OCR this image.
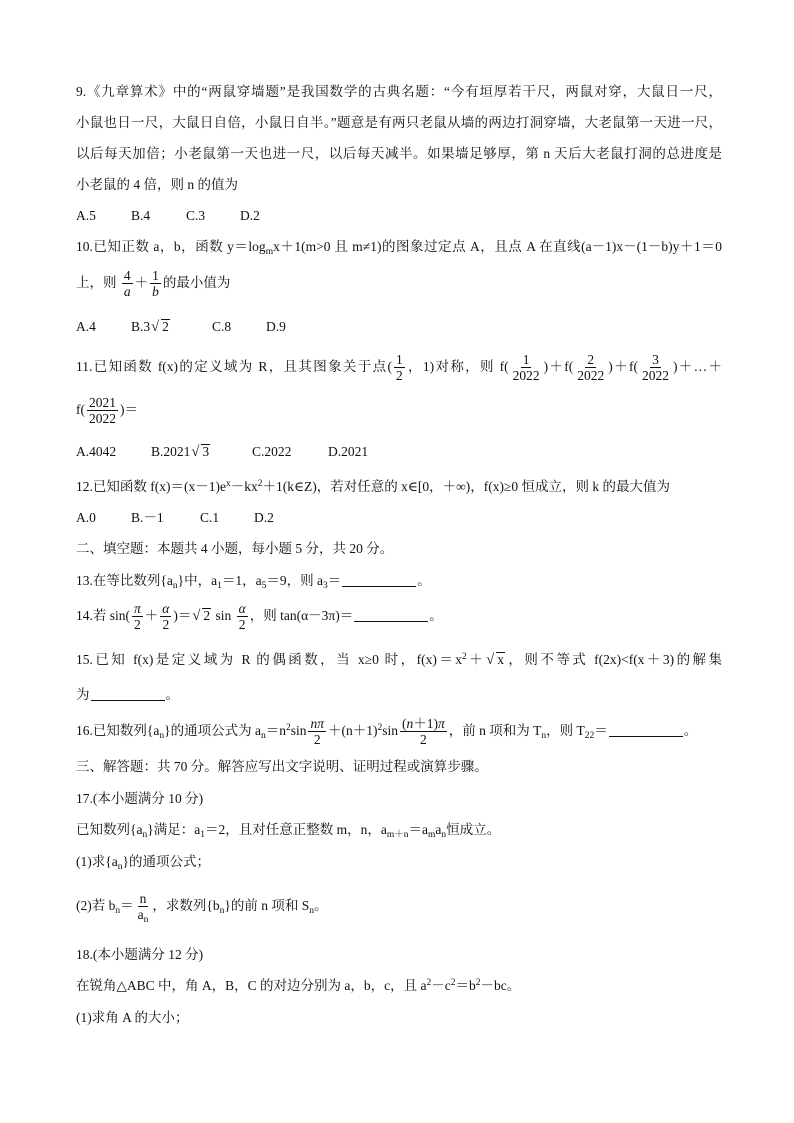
9.《九章算术》中的“两鼠穿墙题”是我国数学的古典名题：“今有垣厚若干尺，两鼠对穿，大鼠日一尺，
小鼠也日一尺，大鼠日自倍，小鼠日自半。”题意是有两只老鼠从墙的两边打洞穿墙，大老鼠第一天进一尺，
以后每天加倍；小老鼠第一天也进一尺，以后每天减半。如果墙足够厚，第 n 天后大老鼠打洞的总进度是
小老鼠的 4 倍，则 n 的值为
A.5	B.4	C.3	D.2
10.已知正数 a，b，函数 $y=\log_mx+1(m>0$ 且 m≠1)的图象过定点 A，且点 A 在直线(a－1)x－(1－b)y＋1＝0
上，则 $\frac{4}{a} + \frac{1}{b}$ 的最小值为
A.4	B.3√ 2	C.8	D.9
11.已知函数 f(x)的定义域为 R，且其图象关于点( $\frac{1}{2}$ ，1)对称，则 $f( \frac{1}{2022} )+f( \frac{2}{2022} )+f( \frac{3}{2022}$ )＋…＋
$f( \frac{2021}{2022}$ )＝
A.4042	B.2021√ 3	C.2022	D.2021
12.已知函数 $f(x)=(x-1)e^x-kx^2+1(k\in Z)$，若对任意的 x∈[0，＋∞)，f(x)≥0 恒成立，则 k 的最大值为
A.0	B.－1	C.1	D.2
二、填空题：本题共 4 小题，每小题 5 分，共 20 分。
13.在等比数列$\{a_n\}$中，$a_1=1$，$a_5=9$，则 $a_3=$	。
14.若 $\sin( \frac{\pi}{2} + \frac{\alpha}{2}$ )＝√ 2 $\sin \frac{\alpha}{2}$ ，则 tan(α－3π)＝	。
15.已知 f(x)是定义域为 R 的偶函数，当 x≥0 时，$f(x)=x^2+√$ x ，则不等式 f(2x)<f(x＋3)的解集
为	。
16.已知数列$\{a_n\}$的通项公式为 $a_n=n^2\sin \frac{n\pi}{2} +(n+1)^2\sin \frac{(n+1)\pi}{2}$ ，前 n 项和为 $T_n$，则 $T_{22}=$	。
三、解答题：共 70 分。解答应写出文字说明、证明过程或演算步骤。
17.(本小题满分 10 分)
已知数列$\{a_n\}$满足：$a_1=2$，且对任意正整数 m，n，$a_{m+n}=a_ma_n$恒成立。
(1)求$\{a_n\}$的通项公式；
(2)若 $b_n= \frac{n}{a_n}$ ，求数列$\{b_n\}$的前 n 项和 $S_n$。
18.(本小题满分 12 分)
在锐角△ABC 中，角 A，B，C 的对边分别为 a，b，c，且 $a^2-c^2=b^2-bc$。
(1)求角 A 的大小；
